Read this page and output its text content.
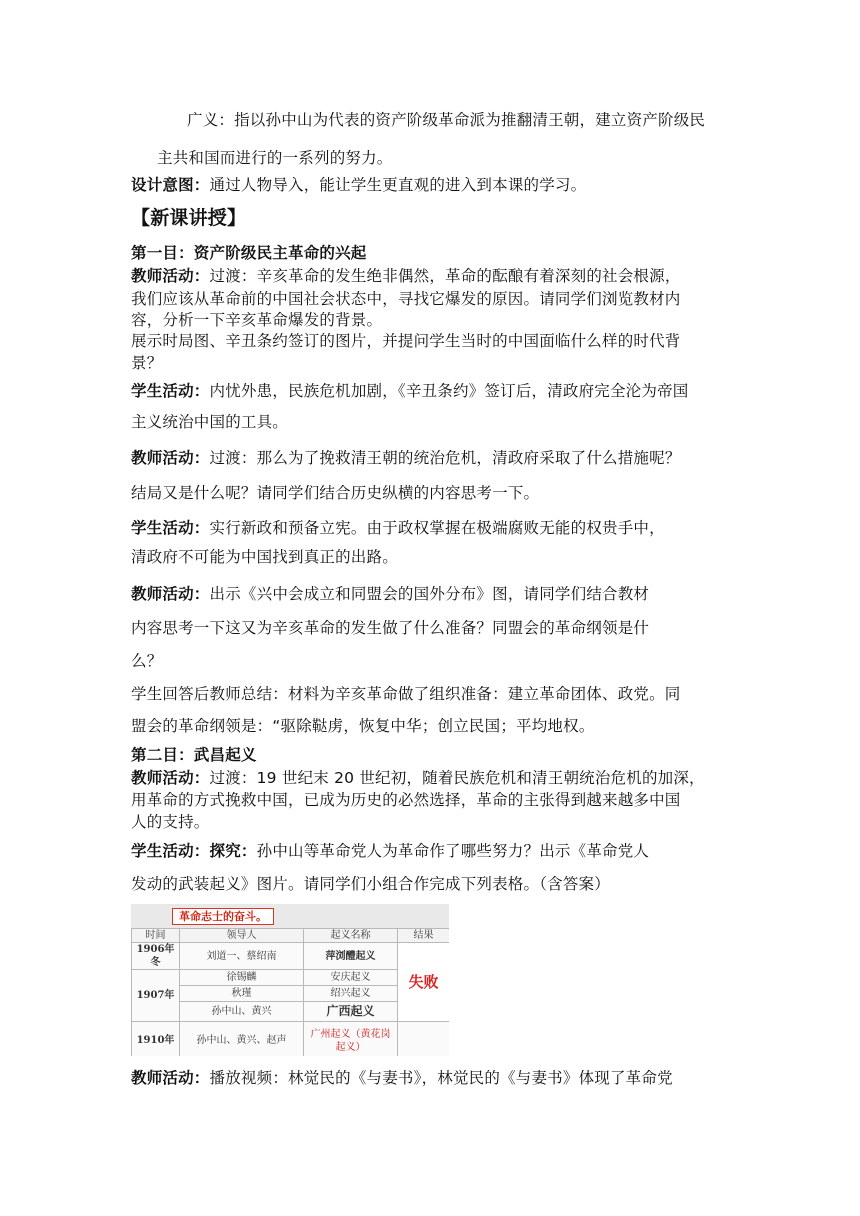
广义：指以孙中山为代表的资产阶级革命派为推翻清王朝，建立资产阶级民
主共和国而进行的一系列的努力。
设计意图：通过人物导入，能让学生更直观的进入到本课的学习。
【新课讲授】
第一目：资产阶级民主革命的兴起
教师活动：过渡：辛亥革命的发生绝非偶然，革命的酝酿有着深刻的社会根源，
我们应该从革命前的中国社会状态中，寻找它爆发的原因。请同学们浏览教材内
容，分析一下辛亥革命爆发的背景。
展示时局图、辛丑条约签订的图片，并提问学生当时的中国面临什么样的时代背
景？
学生活动：内忧外患，民族危机加剧，《辛丑条约》签订后，清政府完全沦为帝国
主义统治中国的工具。
教师活动：过渡：那么为了挽救清王朝的统治危机，清政府采取了什么措施呢？
结局又是什么呢？请同学们结合历史纵横的内容思考一下。
学生活动：实行新政和预备立宪。由于政权掌握在极端腐败无能的权贵手中，
清政府不可能为中国找到真正的出路。
教师活动：出示《兴中会成立和同盟会的国外分布》图，请同学们结合教材
内容思考一下这又为辛亥革命的发生做了什么准备？同盟会的革命纲领是什
么？
学生回答后教师总结：材料为辛亥革命做了组织准备：建立革命团体、政党。同
盟会的革命纲领是：“驱除鞑虏，恢复中华；创立民国；平均地权。
第二目：武昌起义
教师活动：过渡：19 世纪末 20 世纪初，随着民族危机和清王朝统治危机的加深，
用革命的方式挽救中国，已成为历史的必然选择，革命的主张得到越来越多中国
人的支持。
学生活动：探究：孙中山等革命党人为革命作了哪些努力？出示《革命党人
发动的武装起义》图片。请同学们小组合作完成下列表格。（含答案）
革命志士的奋斗。
时间	领导人	起义名称	结果
1906年冬	刘道一、蔡绍南	萍浏醴起义	失败
1907年	徐锡麟	安庆起义	
	秋瑾	绍兴起义	
	孙中山、黄兴	广西起义	
1910年	孙中山、黄兴、赵声	广州起义（黄花岗起义）	
教师活动：播放视频：林觉民的《与妻书》，林觉民的《与妻书》体现了革命党
